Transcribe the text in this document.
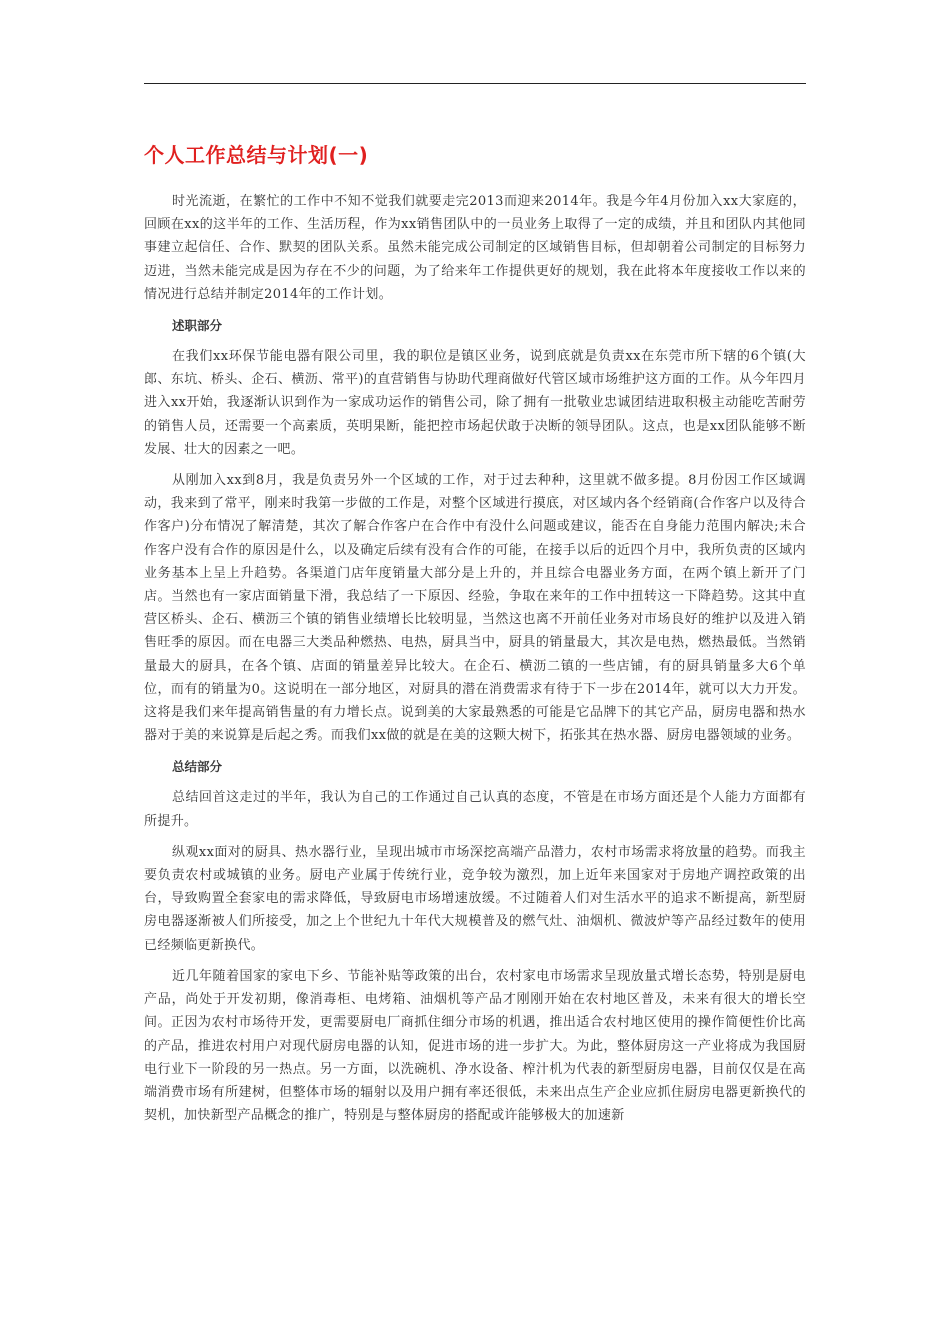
个人工作总结与计划(一)

时光流逝，在繁忙的工作中不知不觉我们就要走完2013而迎来2014年。我是今年4月份加入xx大家庭的，回顾在xx的这半年的工作、生活历程，作为xx销售团队中的一员业务上取得了一定的成绩，并且和团队内其他同事建立起信任、合作、默契的团队关系。虽然未能完成公司制定的区域销售目标，但却朝着公司制定的目标努力迈进，当然未能完成是因为存在不少的问题，为了给来年工作提供更好的规划，我在此将本年度接收工作以来的情况进行总结并制定2014年的工作计划。

述职部分

在我们xx环保节能电器有限公司里，我的职位是镇区业务，说到底就是负责xx在东莞市所下辖的6个镇(大郎、东坑、桥头、企石、横沥、常平)的直营销售与协助代理商做好代管区域市场维护这方面的工作。从今年四月进入xx开始，我逐渐认识到作为一家成功运作的销售公司，除了拥有一批敬业忠诚团结进取积极主动能吃苦耐劳的销售人员，还需要一个高素质，英明果断，能把控市场起伏敢于决断的领导团队。这点，也是xx团队能够不断发展、壮大的因素之一吧。

从刚加入xx到8月，我是负责另外一个区域的工作，对于过去种种，这里就不做多提。8月份因工作区域调动，我来到了常平，刚来时我第一步做的工作是，对整个区域进行摸底，对区域内各个经销商(合作客户以及待合作客户)分布情况了解清楚，其次了解合作客户在合作中有没什么问题或建议，能否在自身能力范围内解决;未合作客户没有合作的原因是什么，以及确定后续有没有合作的可能，在接手以后的近四个月中，我所负责的区域内业务基本上呈上升趋势。各渠道门店年度销量大部分是上升的，并且综合电器业务方面，在两个镇上新开了门店。当然也有一家店面销量下滑，我总结了一下原因、经验，争取在来年的工作中扭转这一下降趋势。这其中直营区桥头、企石、横沥三个镇的销售业绩增长比较明显，当然这也离不开前任业务对市场良好的维护以及进入销售旺季的原因。而在电器三大类品种燃热、电热，厨具当中，厨具的销量最大，其次是电热，燃热最低。当然销量最大的厨具，在各个镇、店面的销量差异比较大。在企石、横沥二镇的一些店铺，有的厨具销量多大6个单位，而有的销量为0。这说明在一部分地区，对厨具的潜在消费需求有待于下一步在2014年，就可以大力开发。这将是我们来年提高销售量的有力增长点。说到美的大家最熟悉的可能是它品牌下的其它产品，厨房电器和热水器对于美的来说算是后起之秀。而我们xx做的就是在美的这颗大树下，拓张其在热水器、厨房电器领域的业务。

总结部分

总结回首这走过的半年，我认为自己的工作通过自己认真的态度，不管是在市场方面还是个人能力方面都有所提升。

纵观xx面对的厨具、热水器行业，呈现出城市市场深挖高端产品潜力，农村市场需求将放量的趋势。而我主要负责农村或城镇的业务。厨电产业属于传统行业，竞争较为激烈，加上近年来国家对于房地产调控政策的出台，导致购置全套家电的需求降低，导致厨电市场增速放缓。不过随着人们对生活水平的追求不断提高，新型厨房电器逐渐被人们所接受，加之上个世纪九十年代大规模普及的燃气灶、油烟机、微波炉等产品经过数年的使用已经频临更新换代。

近几年随着国家的家电下乡、节能补贴等政策的出台，农村家电市场需求呈现放量式增长态势，特别是厨电产品，尚处于开发初期，像消毒柜、电烤箱、油烟机等产品才刚刚开始在农村地区普及，未来有很大的增长空间。正因为农村市场待开发，更需要厨电厂商抓住细分市场的机遇，推出适合农村地区使用的操作简便性价比高的产品，推进农村用户对现代厨房电器的认知，促进市场的进一步扩大。为此，整体厨房这一产业将成为我国厨电行业下一阶段的另一热点。另一方面，以洗碗机、净水设备、榨汁机为代表的新型厨房电器，目前仅仅是在高端消费市场有所建树，但整体市场的辐射以及用户拥有率还很低，未来出点生产企业应抓住厨房电器更新换代的契机，加快新型产品概念的推广，特别是与整体厨房的搭配或许能够极大的加速新
